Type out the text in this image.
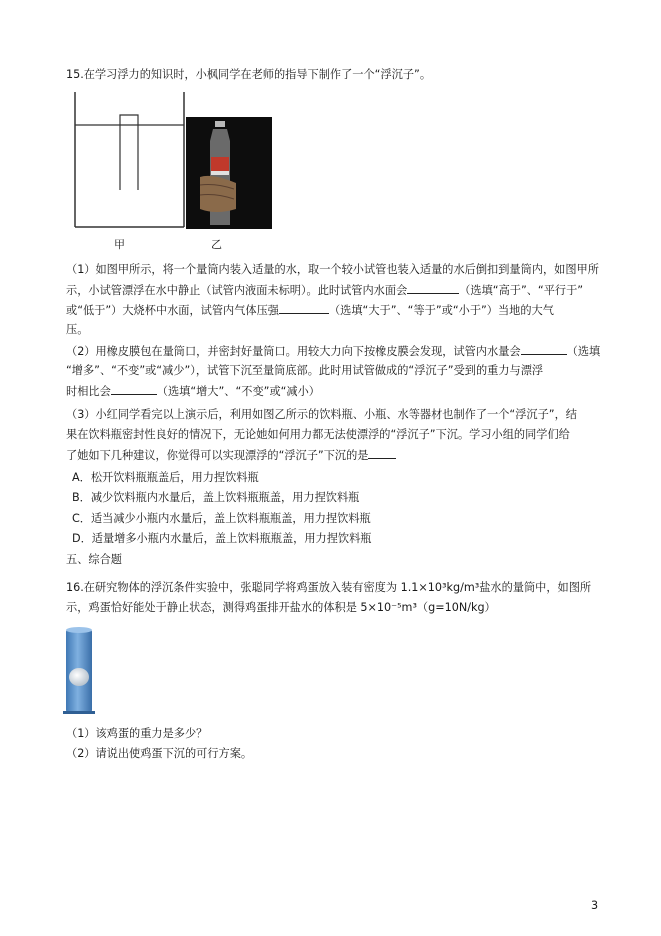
15.在学习浮力的知识时，小枫同学在老师的指导下制作了一个“浮沉子”。
甲	乙
（1）如图甲所示，将一个量筒内装入适量的水，取一个较小试管也装入适量的水后倒扣到量筒内，如图甲所
示，小试管漂浮在水中静止（试管内液面未标明）。此时试管内水面会	（选填“高于”、“平行于”
或“低于”）大烧杯中水面，试管内气体压强	（选填“大于”、“等于”或“小于”）当地的大气
压。
（2）用橡皮膜包在量筒口，并密封好量筒口。用较大力向下按橡皮膜会发现，试管内水量会	（选填
“增多”、“不变”或“减少”），试管下沉至量筒底部。此时用试管做成的“浮沉子”受到的重力与漂浮
时相比会	（选填“增大”、“不变”或“减小）
（3）小红同学看完以上演示后，利用如图乙所示的饮料瓶、小瓶、水等器材也制作了一个“浮沉子”，结
果在饮料瓶密封性良好的情况下，无论她如何用力都无法使漂浮的“浮沉子”下沉。学习小组的同学们给
了她如下几种建议，你觉得可以实现漂浮的“浮沉子”下沉的是
A．松开饮料瓶瓶盖后，用力捏饮料瓶
B．减少饮料瓶内水量后，盖上饮料瓶瓶盖，用力捏饮料瓶
C．适当减少小瓶内水量后，盖上饮料瓶瓶盖，用力捏饮料瓶
D．适量增多小瓶内水量后，盖上饮料瓶瓶盖，用力捏饮料瓶
五、综合题
16.在研究物体的浮沉条件实验中，张聪同学将鸡蛋放入装有密度为 1.1×10³kg/m³盐水的量筒中，如图所
示，鸡蛋恰好能处于静止状态，测得鸡蛋排开盐水的体积是 5×10⁻⁵m³（g=10N/kg）
（1）该鸡蛋的重力是多少？
（2）请说出使鸡蛋下沉的可行方案。
3
